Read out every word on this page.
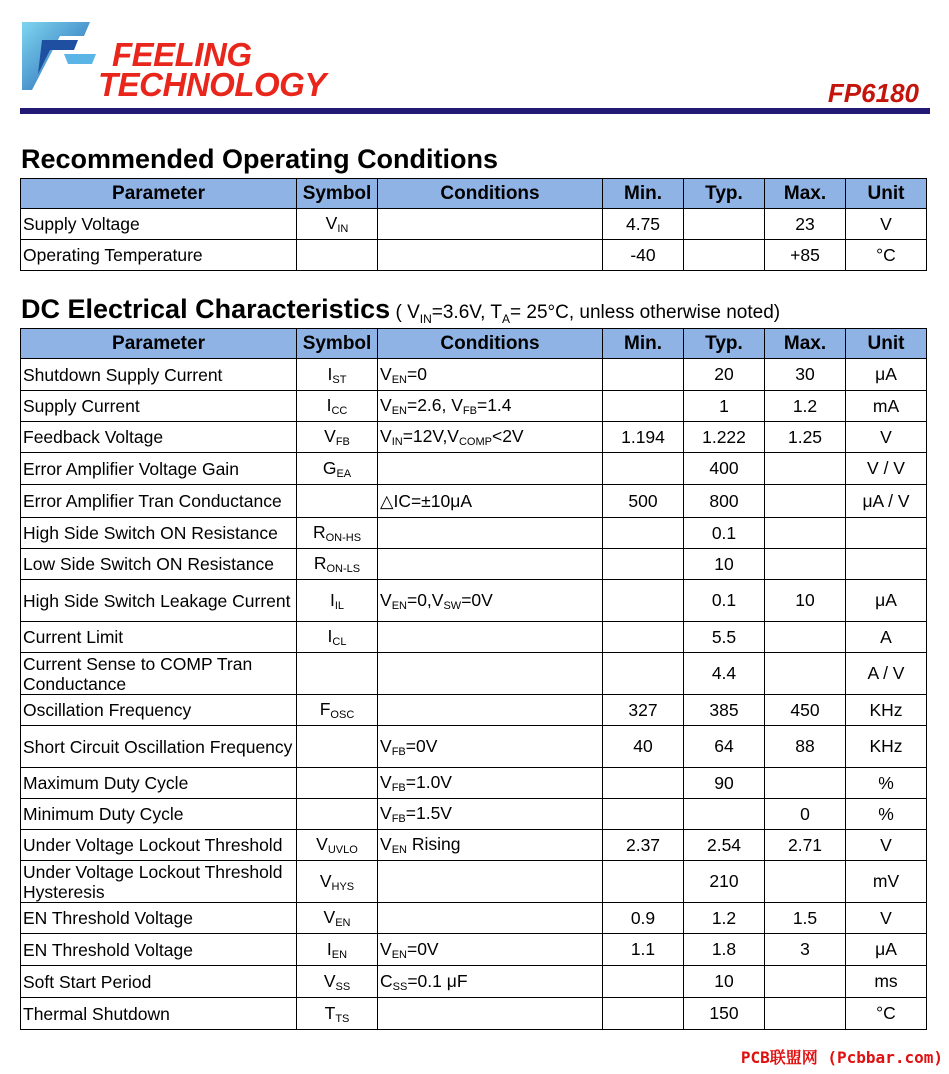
FEELING
TECHNOLOGY	FP6180
Recommended Operating Conditions
Parameter	Symbol	Conditions	Min.	Typ.	Max.	Unit
Supply Voltage	$V_{IN}$		4.75		23	V
Operating Temperature			-40		+85	°C
DC Electrical Characteristics ( $V_{IN}=3.6V$, $T_A= 25^\circ C$, unless otherwise noted)
Parameter	Symbol	Conditions	Min.	Typ.	Max.	Unit
Shutdown Supply Current	$I_{ST}$	$V_{EN}=0$		20	30	μA
Supply Current	$I_{CC}$	$V_{EN}=2.6$, $V_{FB}=1.4$		1	1.2	mA
Feedback Voltage	$V_{FB}$	$V_{IN}=12V,V_{COMP}<2V$	1.194	1.222	1.25	V
Error Amplifier Voltage Gain	$G_{EA}$			400		V / V
Error Amplifier Tran Conductance		△IC=±10μA	500	800		μA / V
High Side Switch ON Resistance	$R_{ON-HS}$			0.1		
Low Side Switch ON Resistance	$R_{ON-LS}$			10		
High Side Switch Leakage Current	$I_{IL}$	$V_{EN}=0,V_{SW}=0V$		0.1	10	μA
Current Limit	$I_{CL}$			5.5		A
Current Sense to COMP Tran Conductance				4.4		A / V
Oscillation Frequency	$F_{OSC}$		327	385	450	KHz
Short Circuit Oscillation Frequency		$V_{FB}=0V$	40	64	88	KHz
Maximum Duty Cycle		$V_{FB}=1.0V$		90		%
Minimum Duty Cycle		$V_{FB}=1.5V$			0	%
Under Voltage Lockout Threshold	$V_{UVLO}$	$V_{EN}$ Rising	2.37	2.54	2.71	V
Under Voltage Lockout Threshold Hysteresis	$V_{HYS}$			210		mV
EN Threshold Voltage	$V_{EN}$		0.9	1.2	1.5	V
EN Threshold Voltage	$I_{EN}$	$V_{EN}=0V$	1.1	1.8	3	μA
Soft Start Period	$V_{SS}$	$C_{SS}=0.1$ μF		10		ms
Thermal Shutdown	$T_{TS}$			150		°C
PCB联盟网 (Pcbbar.com)
